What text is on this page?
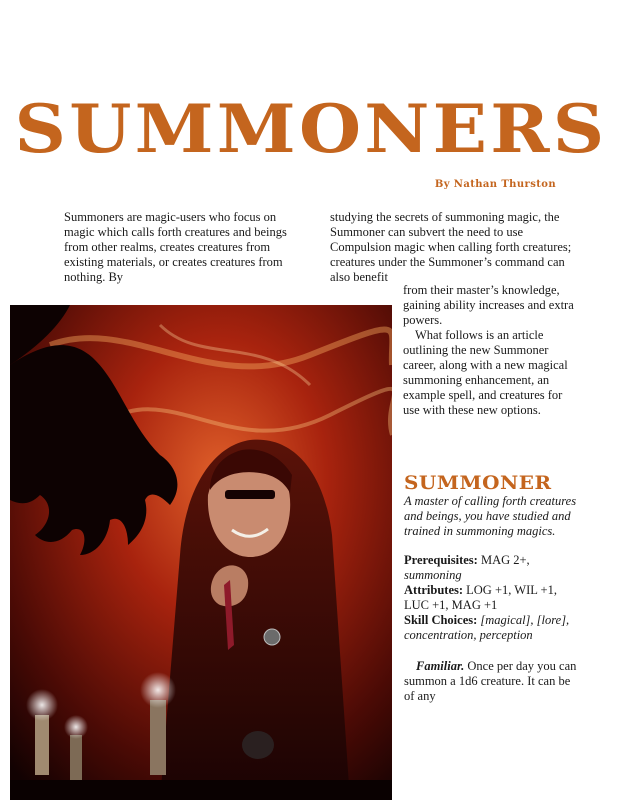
SUMMONERS
By Nathan Thurston

Summoners are magic-users who focus on magic which calls forth creatures and beings from other realms, creates creatures from existing materials, or creates creatures from nothing. By

studying the secrets of summoning magic, the Summoner can subvert the need to use Compulsion magic when calling forth creatures; creatures under the Summoner’s command can also benefit

from their master’s knowledge, gaining ability increases and extra powers.

What follows is an article outlining the new Summoner career, along with a new magical summoning enhancement, an example spell, and creatures for use with these new options.

SUMMONER
A master of calling forth creatures and beings, you have studied and trained in summoning magics.
Prerequisites: MAG 2+,
summoning
Attributes: LOG +1, WIL +1, LUC +1, MAG +1
Skill Choices: [magical], [lore], concentration, perception
Familiar. Once per day you can summon a 1d6 creature. It can be of any
